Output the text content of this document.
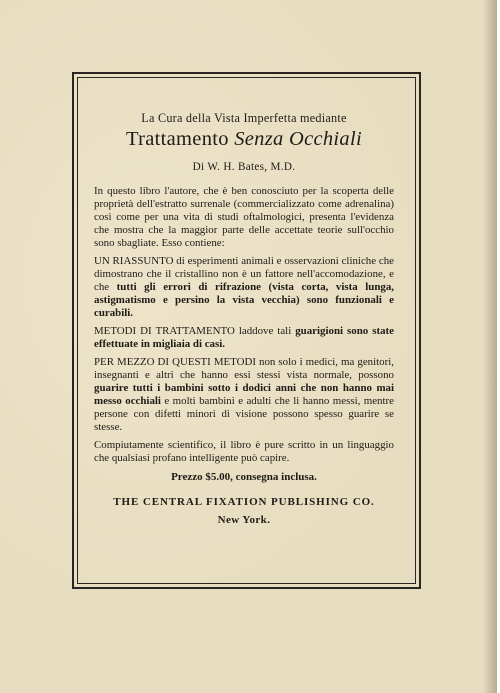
La Cura della Vista Imperfetta mediante
Trattamento Senza Occhiali
Di W. H. Bates, M.D.

In questo libro l'autore, che è ben conosciuto per la scoperta delle proprietà dell'estratto surrenale (commercializzato come adrenalina) così come per una vita di studi oftalmologici, presenta l'evidenza che mostra che la maggior parte delle accettate teorie sull'occhio sono sbagliate. Esso contiene:

UN RIASSUNTO di esperimenti animali e osservazioni cliniche che dimostrano che il cristallino non è un fattore nell'accomodazione, e che tutti gli errori di rifrazione (vista corta, vista lunga, astigmatismo e persino la vista vecchia) sono funzionali e curabili.

METODI DI TRATTAMENTO laddove tali guarigioni sono state effettuate in migliaia di casi.

PER MEZZO DI QUESTI METODI non solo i medici, ma genitori, insegnanti e altri che hanno essi stessi vista normale, possono guarire tutti i bambini sotto i dodici anni che non hanno mai messo occhiali e molti bambini e adulti che li hanno messi, mentre persone con difetti minori di visione possono spesso guarire se stesse.

Compiutamente scientifico, il libro è pure scritto in un linguaggio che qualsiasi profano intelligente può capire.

Prezzo $5.00, consegna inclusa.
THE CENTRAL FIXATION PUBLISHING CO.
New York.
